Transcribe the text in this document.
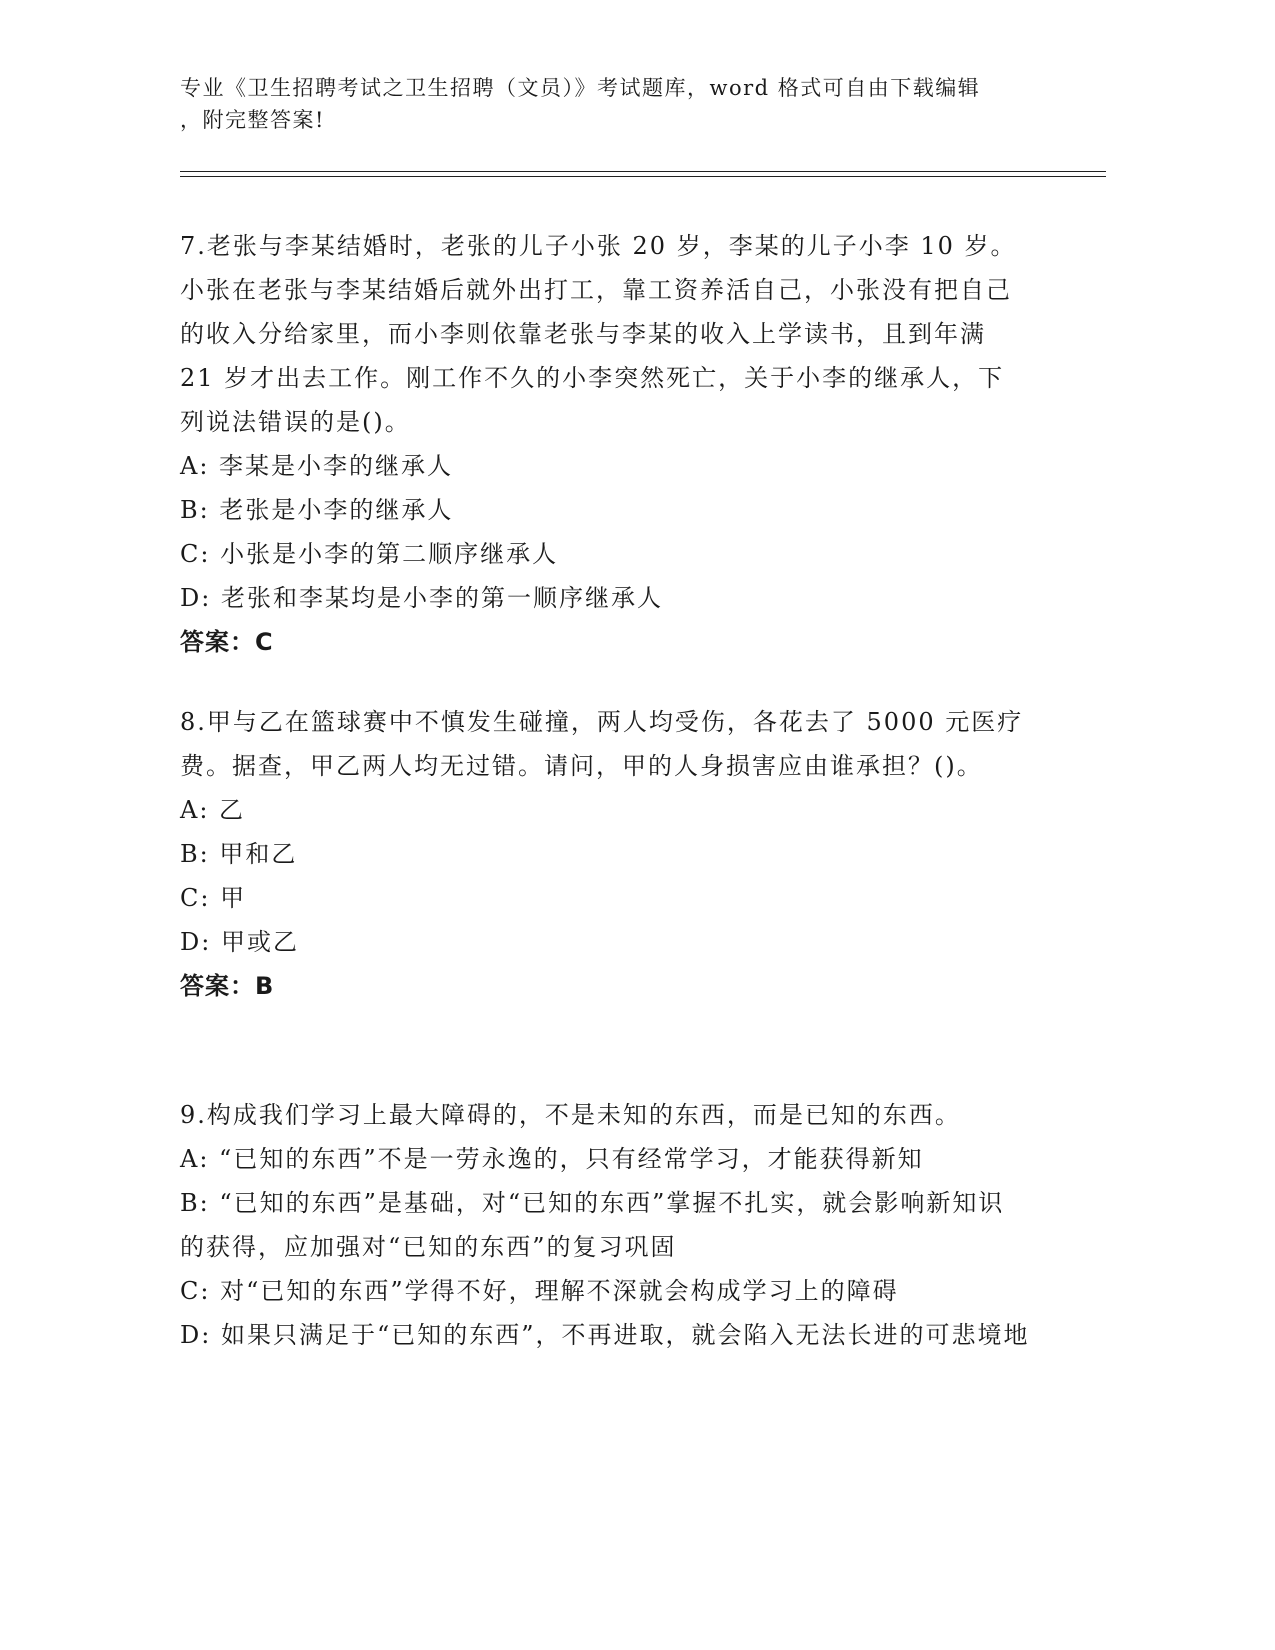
专业《卫生招聘考试之卫生招聘（文员）》考试题库，word 格式可自由下载编辑
，附完整答案!

7.老张与李某结婚时，老张的儿子小张 20 岁，李某的儿子小李 10 岁。小张在老张与李某结婚后就外出打工，靠工资养活自己，小张没有把自己的收入分给家里，而小李则依靠老张与李某的收入上学读书，且到年满 21 岁才出去工作。刚工作不久的小李突然死亡，关于小李的继承人，下列说法错误的是()。

A: 李某是小李的继承人

B: 老张是小李的继承人

C: 小张是小李的第二顺序继承人

D: 老张和李某均是小李的第一顺序继承人

答案：C

8.甲与乙在篮球赛中不慎发生碰撞，两人均受伤，各花去了 5000 元医疗费。据查，甲乙两人均无过错。请问，甲的人身损害应由谁承担？()。

A: 乙

B: 甲和乙

C: 甲

D: 甲或乙

答案：B

9.构成我们学习上最大障碍的，不是未知的东西，而是已知的东西。

A: “已知的东西”不是一劳永逸的，只有经常学习，才能获得新知

B: “已知的东西”是基础，对“已知的东西”掌握不扎实，就会影响新知识的获得，应加强对“已知的东西”的复习巩固

C: 对“已知的东西”学得不好，理解不深就会构成学习上的障碍

D: 如果只满足于“已知的东西”，不再进取，就会陷入无法长进的可悲境地
